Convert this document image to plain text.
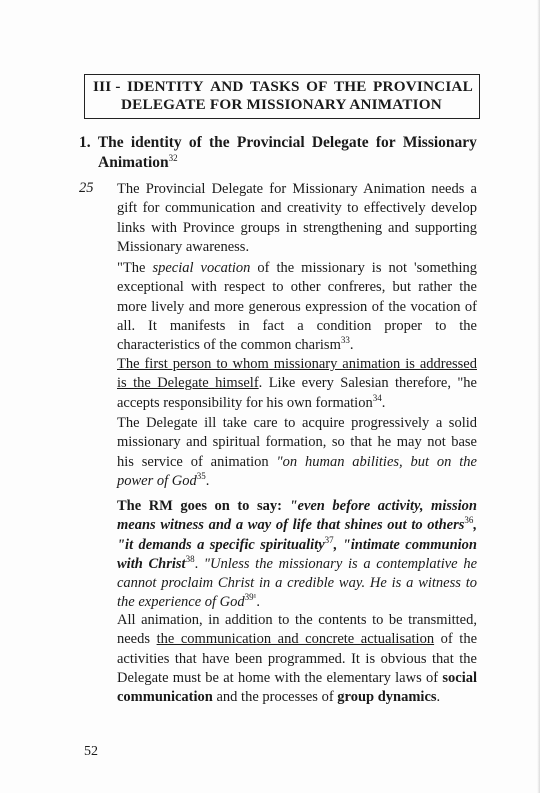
III - IDENTITY AND TASKS OF THE PROVINCIAL
DELEGATE FOR MISSIONARY ANIMATION
1. The identity of the Provincial Delegate for Missionary
Animation$^{32}$
25 The Provincial Delegate for Missionary Animation needs a gift for communication and creativity to effectively develop links with Province groups in strengthening and supporting Missionary awareness.
"The special vocation of the missionary is not 'something exceptional with respect to other confreres, but rather the more lively and more generous expression of the vocation of all. It manifests in fact a condition proper to the characteristics of the common charism$^{33}$.
The first person to whom missionary animation is addressed is the Delegate himself. Like every Salesian therefore, "he accepts responsibility for his own formation$^{34}$.
The Delegate ill take care to acquire progressively a solid missionary and spiritual formation, so that he may not base his service of animation "on human abilities, but on the power of God$^{35}$.
The RM goes on to say: "even before activity, mission means witness and a way of life that shines out to others$^{36}$, "it demands a specific spirituality$^{37}$, "intimate communion with Christ$^{38}$. "Unless the missionary is a contemplative he cannot proclaim Christ in a credible way. He is a witness to the experience of God$^{39^1}$.
All animation, in addition to the contents to be transmitted, needs the communication and concrete actualisation of the activities that have been programmed. It is obvious that the Delegate must be at home with the elementary laws of social communication and the processes of group dynamics.
52
